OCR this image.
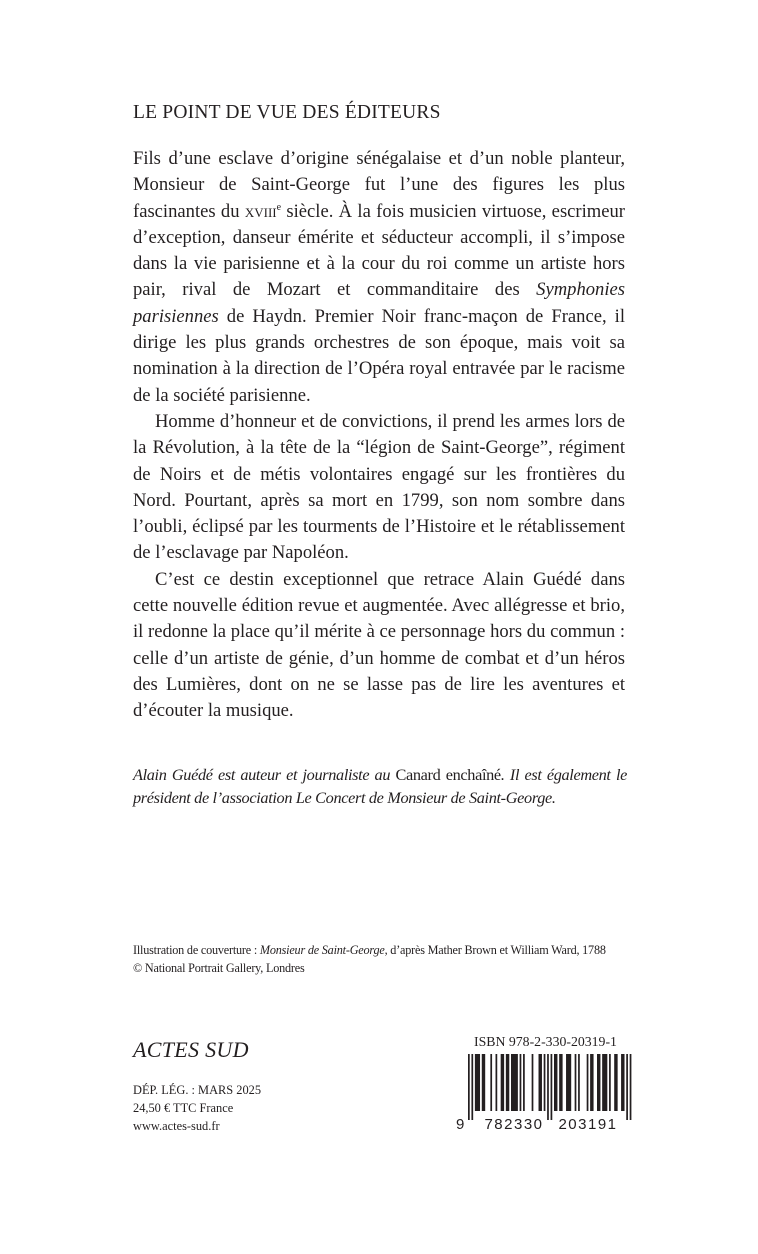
LE POINT DE VUE DES ÉDITEURS

Fils d’une esclave d’origine sénégalaise et d’un noble planteur, Monsieur de Saint-George fut l’une des figures les plus fascinantes du xviii$^e$ siècle. À la fois musicien virtuose, escrimeur d’exception, danseur émérite et séducteur accompli, il s’impose dans la vie parisienne et à la cour du roi comme un artiste hors pair, rival de Mozart et commanditaire des Symphonies parisiennes de Haydn. Premier Noir franc-maçon de France, il dirige les plus grands orchestres de son époque, mais voit sa nomination à la direction de l’Opéra royal entravée par le racisme de la société parisienne.

Homme d’honneur et de convictions, il prend les armes lors de la Révolution, à la tête de la “légion de Saint-George”, régiment de Noirs et de métis volontaires engagé sur les frontières du Nord. Pourtant, après sa mort en 1799, son nom sombre dans l’oubli, éclipsé par les tourments de l’Histoire et le rétablissement de l’esclavage par Napoléon.

C’est ce destin exceptionnel que retrace Alain Guédé dans cette nouvelle édition revue et augmentée. Avec allégresse et brio, il redonne la place qu’il mérite à ce personnage hors du commun : celle d’un artiste de génie, d’un homme de combat et d’un héros des Lumières, dont on ne se lasse pas de lire les aventures et d’écouter la musique.

Alain Guédé est auteur et journaliste au Canard enchaîné. Il est également le président de l’association Le Concert de Monsieur de Saint-George.
Illustration de couverture : Monsieur de Saint-George, d’après Mather Brown et William Ward, 1788
© National Portrait Gallery, Londres
ACTES SUD
DÉP. LÉG. : MARS 2025
24,50 € TTC France
www.actes-sud.fr
ISBN 978-2-330-20319-1
9 782330 203191
